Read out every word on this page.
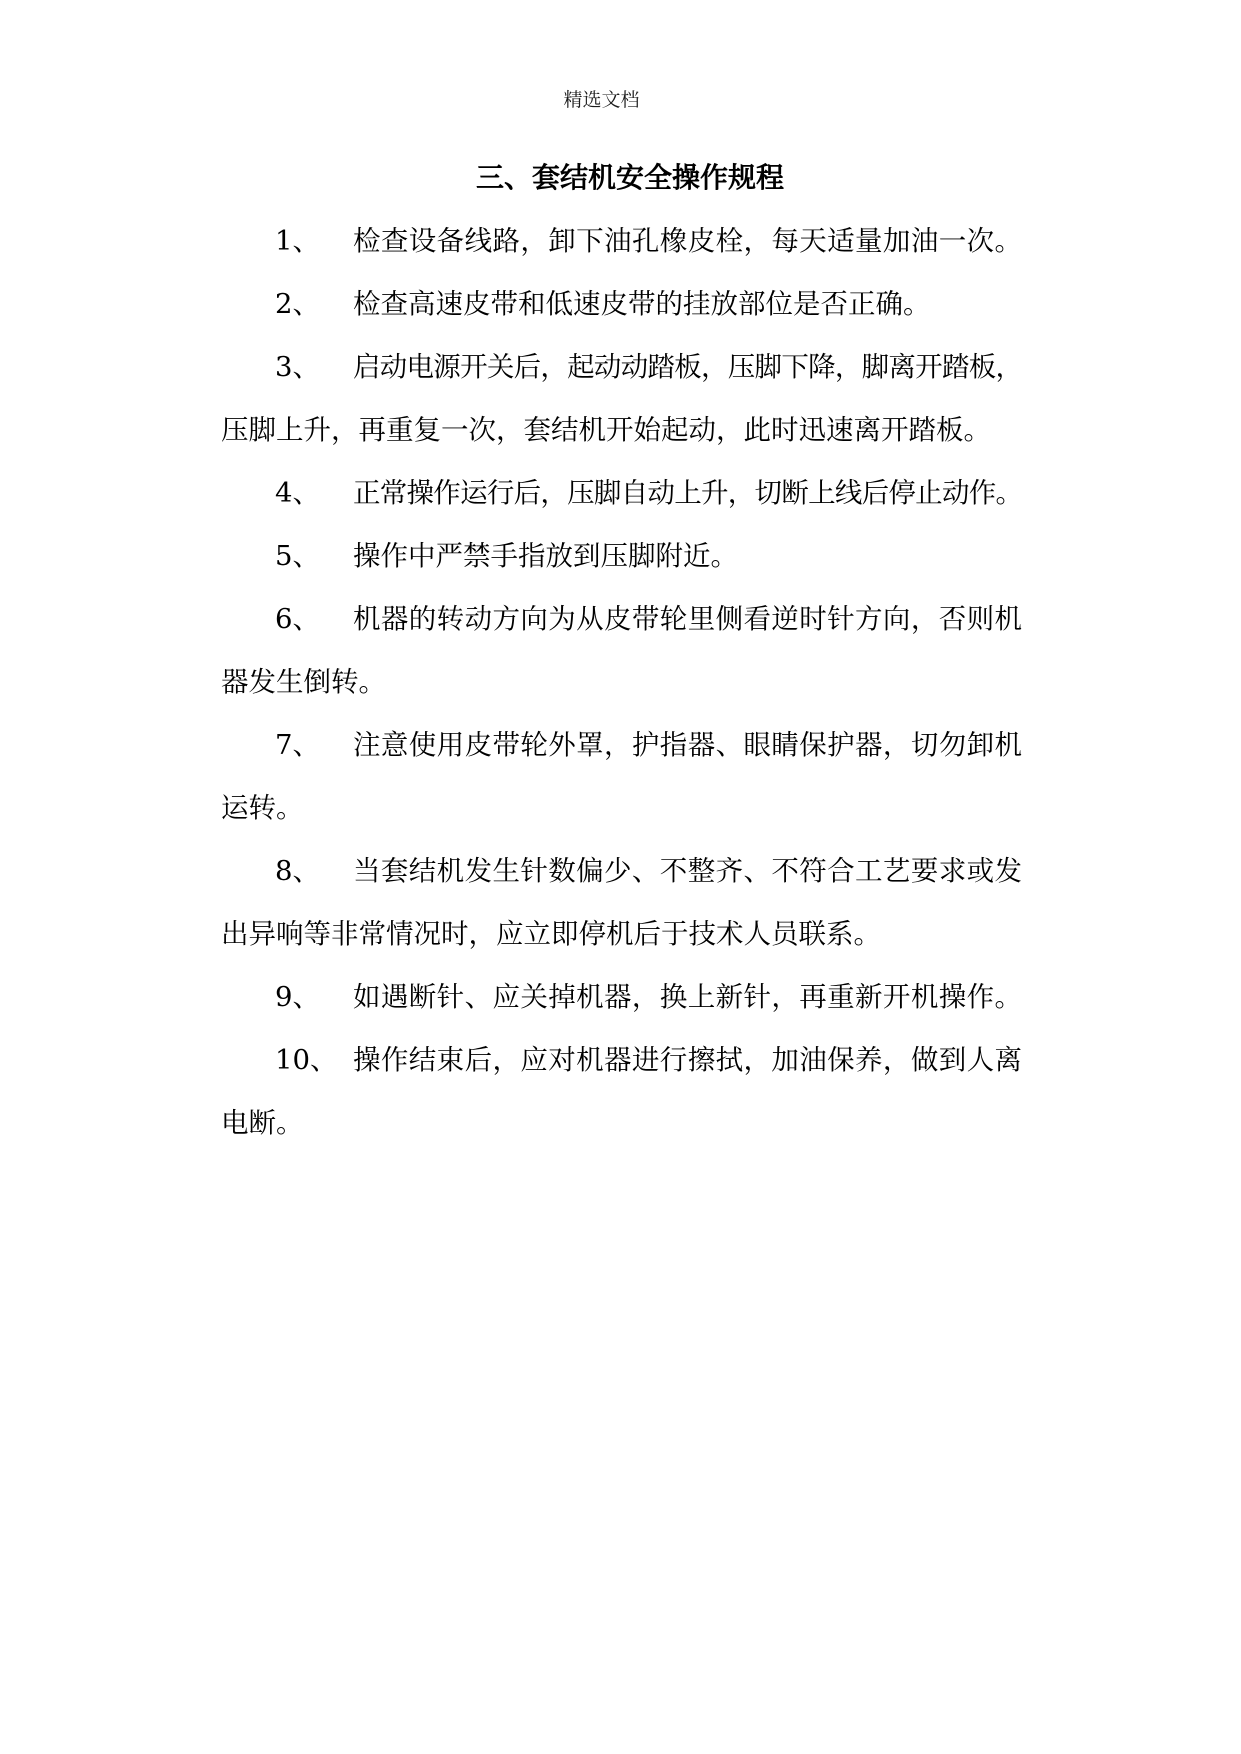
精选文档
三、套结机安全操作规程
1、 检查设备线路，卸下油孔橡皮栓，每天适量加油一次。
2、 检查高速皮带和低速皮带的挂放部位是否正确。
3、 启动电源开关后，起动动踏板，压脚下降，脚离开踏板，
压脚上升，再重复一次，套结机开始起动，此时迅速离开踏板。
4、 正常操作运行后，压脚自动上升，切断上线后停止动作。
5、 操作中严禁手指放到压脚附近。
6、 机器的转动方向为从皮带轮里侧看逆时针方向，否则机
器发生倒转。
7、 注意使用皮带轮外罩，护指器、眼睛保护器，切勿卸机
运转。
8、 当套结机发生针数偏少、不整齐、不符合工艺要求或发
出异响等非常情况时，应立即停机后于技术人员联系。
9、 如遇断针、应关掉机器，换上新针，再重新开机操作。
10、 操作结束后，应对机器进行擦拭，加油保养，做到人离
电断。
